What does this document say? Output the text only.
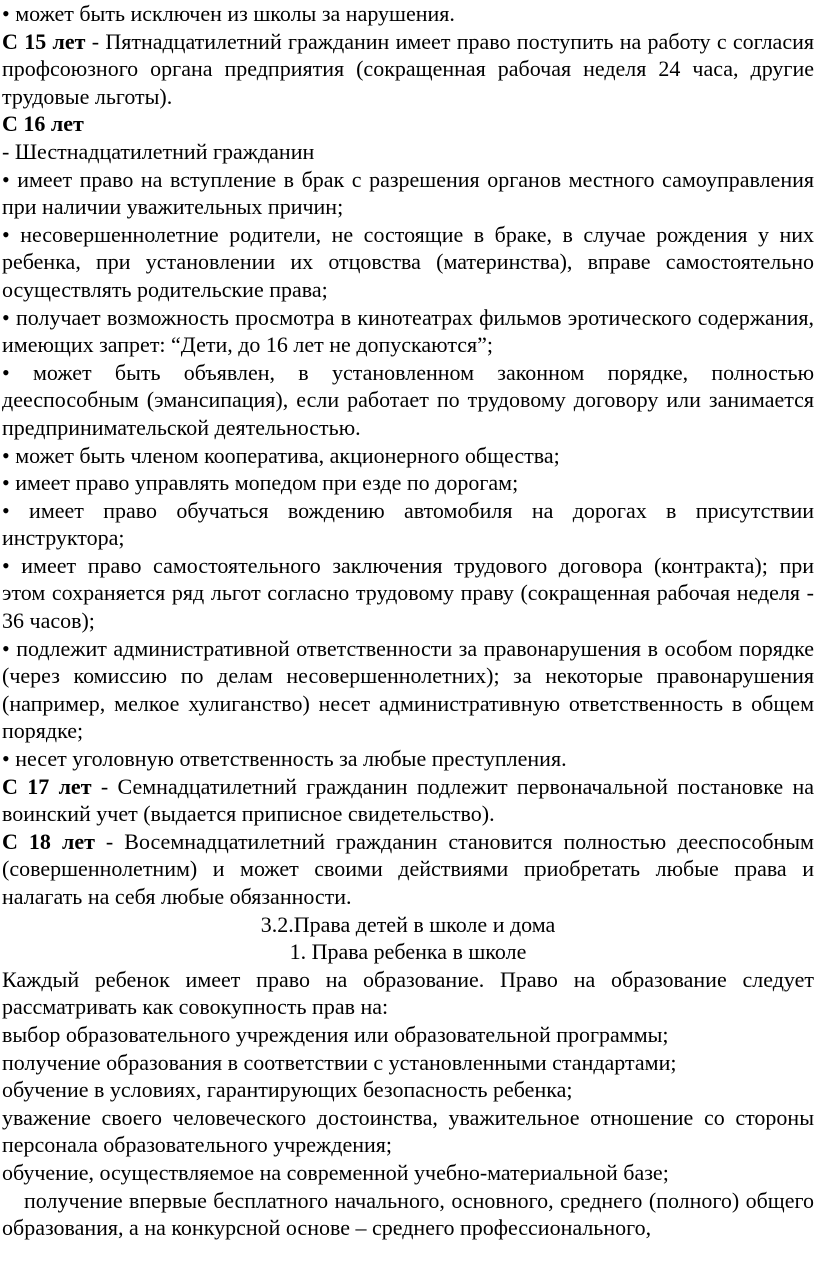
• может быть исключен из школы за нарушения.

С 15 лет - Пятнадцатилетний гражданин имеет право поступить на работу с согласия профсоюзного органа предприятия (сокращенная рабочая неделя 24 часа, другие трудовые льготы).

С 16 лет

- Шестнадцатилетний гражданин

• имеет право на вступление в брак с разрешения органов местного самоуправления при наличии уважительных причин;

• несовершеннолетние родители, не состоящие в браке, в случае рождения у них ребенка, при установлении их отцовства (материнства), вправе самостоятельно осуществлять родительские права;

• получает возможность просмотра в кинотеатрах фильмов эротического содержания, имеющих запрет: “Дети, до 16 лет не допускаются”;

• может быть объявлен, в установленном законном порядке, полностью дееспособным (эмансипация), если работает по трудовому договору или занимается предпринимательской деятельностью.

• может быть членом кооператива, акционерного общества;

• имеет право управлять мопедом при езде по дорогам;

• имеет право обучаться вождению автомобиля на дорогах в присутствии инструктора;

• имеет право самостоятельного заключения трудового договора (контракта); при этом сохраняется ряд льгот согласно трудовому праву (сокращенная рабочая неделя - 36 часов);

• подлежит административной ответственности за правонарушения в особом порядке (через комиссию по делам несовершеннолетних); за некоторые правонарушения (например, мелкое хулиганство) несет административную ответственность в общем порядке;

• несет уголовную ответственность за любые преступления.

С 17 лет - Семнадцатилетний гражданин подлежит первоначальной постановке на воинский учет (выдается приписное свидетельство).

С 18 лет - Восемнадцатилетний гражданин становится полностью дееспособным (совершеннолетним) и может своими действиями приобретать любые права и налагать на себя любые обязанности.

3.2.Права детей в школе и дома

1. Права ребенка в школе

Каждый ребенок имеет право на образование. Право на образование следует рассматривать как совокупность прав на:

выбор образовательного учреждения или образовательной программы;

получение образования в соответствии с установленными стандартами;

обучение в условиях, гарантирующих безопасность ребенка;

уважение своего человеческого достоинства, уважительное отношение со стороны персонала образовательного учреждения;

обучение, осуществляемое на современной учебно-материальной базе;

получение впервые бесплатного начального, основного, среднего (полного) общего образования, а на конкурсной основе – среднего профессионального,
